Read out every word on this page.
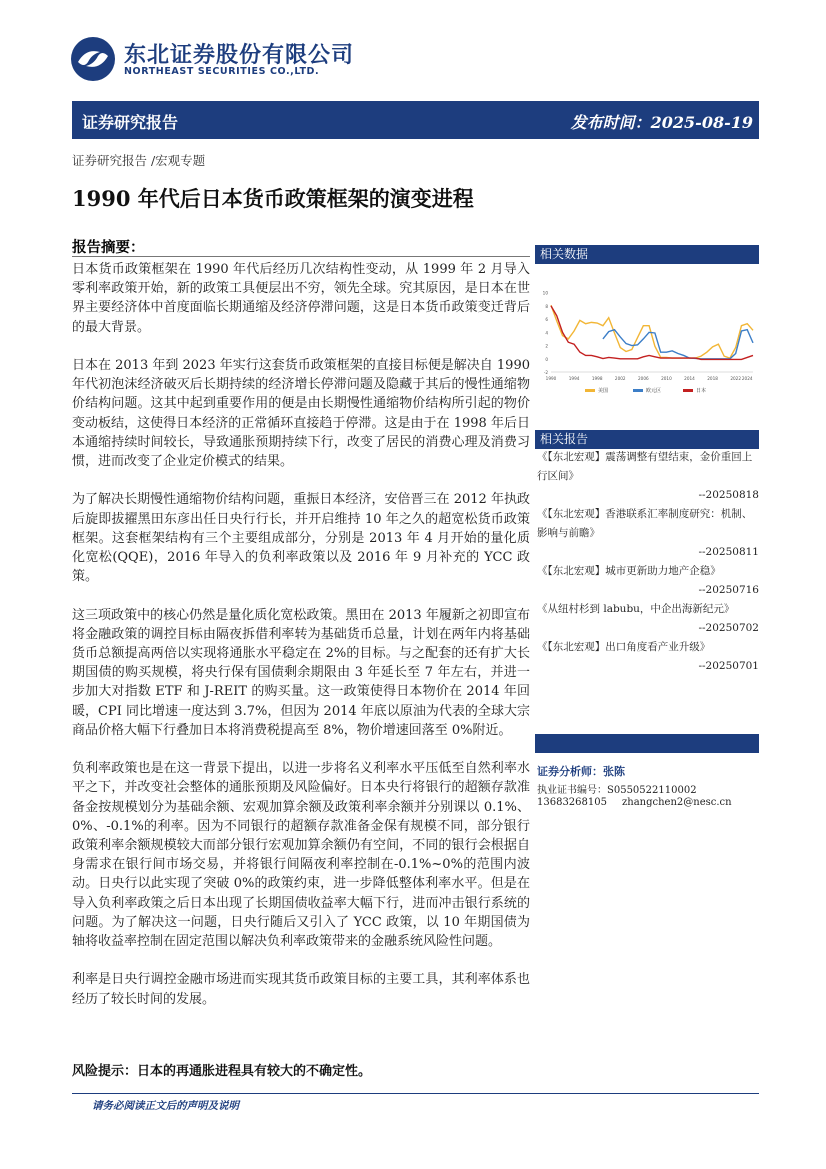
东北证券股份有限公司
NORTHEAST SECURITIES CO.,LTD.
证券研究报告	发布时间：2025-08-19
证券研究报告 /宏观专题
1990 年代后日本货币政策框架的演变进程
报告摘要：

日本货币政策框架在 1990 年代后经历几次结构性变动，从 1999 年 2 月导入零利率政策开始，新的政策工具便层出不穷，领先全球。究其原因，是日本在世界主要经济体中首度面临长期通缩及经济停滞问题，这是日本货币政策变迁背后的最大背景。

日本在 2013 年到 2023 年实行这套货币政策框架的直接目标便是解决自 1990 年代初泡沫经济破灭后长期持续的经济增长停滞问题及隐藏于其后的慢性通缩物价结构问题。这其中起到重要作用的便是由长期慢性通缩物价结构所引起的物价变动板结，这使得日本经济的正常循环直接趋于停滞。这是由于在 1998 年后日本通缩持续时间较长，导致通胀预期持续下行，改变了居民的消费心理及消费习惯，进而改变了企业定价模式的结果。

为了解决长期慢性通缩物价结构问题，重振日本经济，安倍晋三在 2012 年执政后旋即拔擢黑田东彦出任日央行行长，并开启维持 10 年之久的超宽松货币政策框架。这套框架结构有三个主要组成部分，分别是 2013 年 4 月开始的量化质化宽松(QQE)，2016 年导入的负利率政策以及 2016 年 9 月补充的 YCC 政策。

这三项政策中的核心仍然是量化质化宽松政策。黑田在 2013 年履新之初即宣布将金融政策的调控目标由隔夜拆借利率转为基础货币总量，计划在两年内将基础货币总额提高两倍以实现将通胀水平稳定在 2%的目标。与之配套的还有扩大长期国债的购买规模，将央行保有国债剩余期限由 3 年延长至 7 年左右，并进一步加大对指数 ETF 和 J-REIT 的购买量。这一政策使得日本物价在 2014 年回暖，CPI 同比增速一度达到 3.7%，但因为 2014 年底以原油为代表的全球大宗商品价格大幅下行叠加日本将消费税提高至 8%，物价增速回落至 0%附近。

负利率政策也是在这一背景下提出，以进一步将名义利率水平压低至自然利率水平之下，并改变社会整体的通胀预期及风险偏好。日本央行将银行的超额存款准备金按规模划分为基础余额、宏观加算余额及政策利率余额并分别课以 0.1%、0%、-0.1%的利率。因为不同银行的超额存款准备金保有规模不同，部分银行政策利率余额规模较大而部分银行宏观加算余额仍有空间，不同的银行会根据自身需求在银行间市场交易，并将银行间隔夜利率控制在-0.1%~0%的范围内波动。日央行以此实现了突破 0%的政策约束，进一步降低整体利率水平。但是在导入负利率政策之后日本出现了长期国债收益率大幅下行，进而冲击银行系统的问题。为了解决这一问题，日央行随后又引入了 YCC 政策，以 10 年期国债为轴将收益率控制在固定范围以解决负利率政策带来的金融系统风险性问题。

利率是日央行调控金融市场进而实现其货币政策目标的主要工具，其利率体系也经历了较长时间的发展。

风险提示：日本的再通胀进程具有较大的不确定性。
相关数据
10
8
6
4
2
0
-2
1990	1994	1998	2002	2006	2010	2014	2018	2022 2024
美国	欧元区	日本
相关报告
《【东北宏观】震荡调整有望结束，金价重回上行区间》
--20250818
《【东北宏观】香港联系汇率制度研究：机制、影响与前瞻》
--20250811
《【东北宏观】城市更新助力地产企稳》
--20250716
《从纽村杉到 labubu，中企出海新纪元》
--20250702
《【东北宏观】出口角度看产业升级》
--20250701
证券分析师：张陈
执业证书编号：S0550522110002
13683268105 zhangchen2@nesc.cn
请务必阅读正文后的声明及说明
